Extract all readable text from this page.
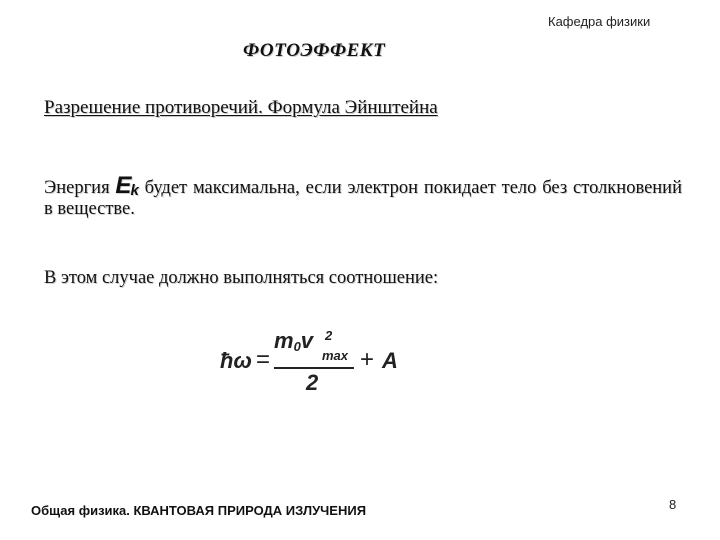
Кафедра физики
ФОТОЭФФЕКТ
Разрешение противоречий. Формула Эйнштейна
Энергия $E_k$ будет максимальна, если электрон покидает тело без столкновений в веществе.
В этом случае должно выполняться соотношение:
ħω =
m0v 2
max
2
+ A
Общая физика. КВАНТОВАЯ ПРИРОДА ИЗЛУЧЕНИЯ	8
